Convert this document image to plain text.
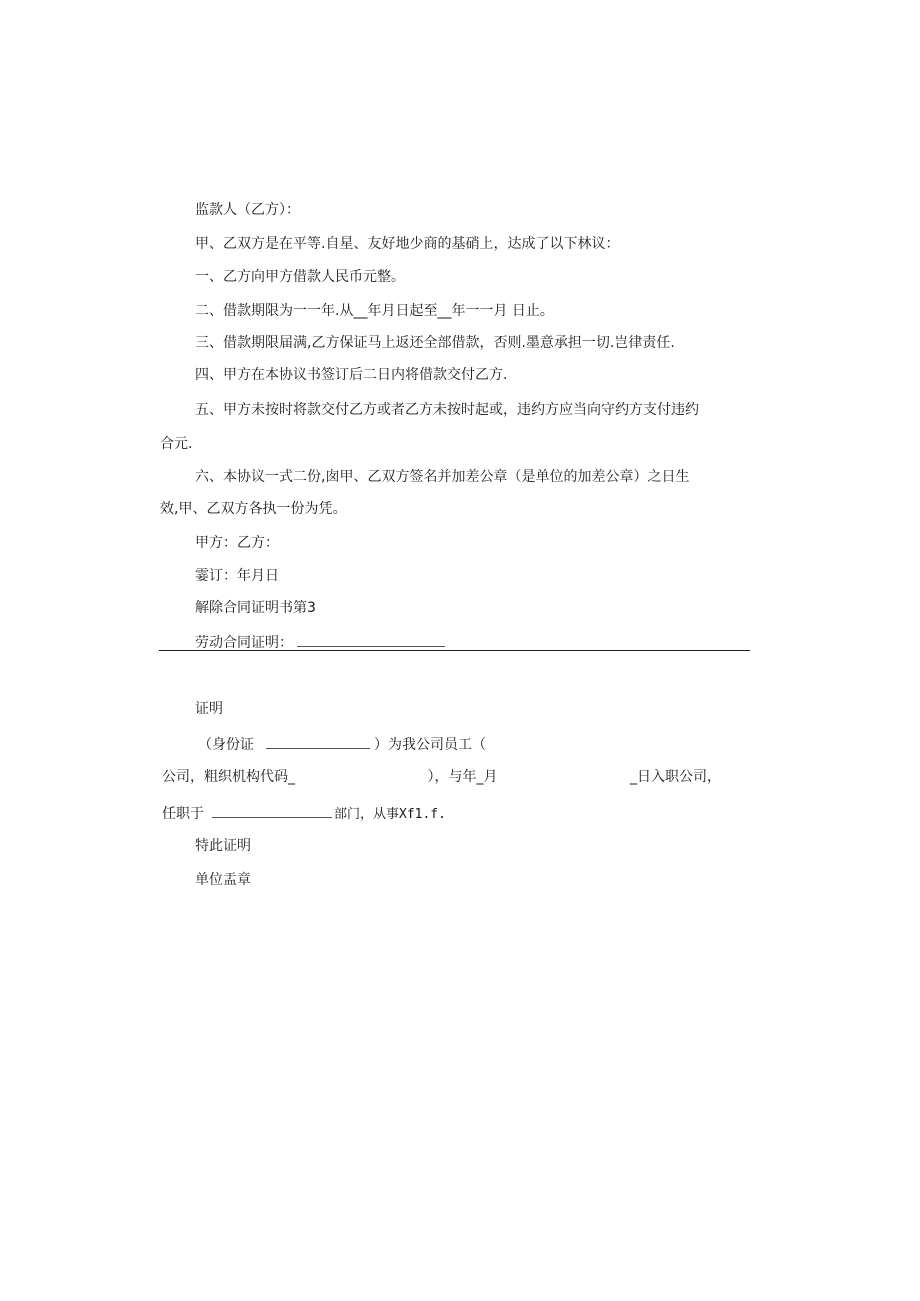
监款人（乙方）：
甲、乙双方是在平等.自星、友好地少商的基硝上，达成了以下林议：
一、乙方向甲方借款人民币元整。
二、借款期限为一一年.从__年月日起至__年一一月 日止。
三、借款期限届满,乙方保证马上返还全部借款，否则.墨意承担一切.岂律责任.
四、甲方在本协议书签订后二日内将借款交付乙方.
五、甲方未按时将款交付乙方或者乙方未按时起或，违约方应当向守约方支付违约
合元.
六、本协议一式二份,囱甲、乙双方签名并加差公章（是单位的加差公章）之日生
效,甲、乙双方各执一份为凭。
甲方：乙方：
霎订：年月日
解除合同证明书第3
劳动合同证明：
证明
（身份证	）为我公司员工（
公司，粗织机构代码_	），与年_月	_日入职公司，
任职于	部门，从事Xf1.f.
特此证明
单位盂章
